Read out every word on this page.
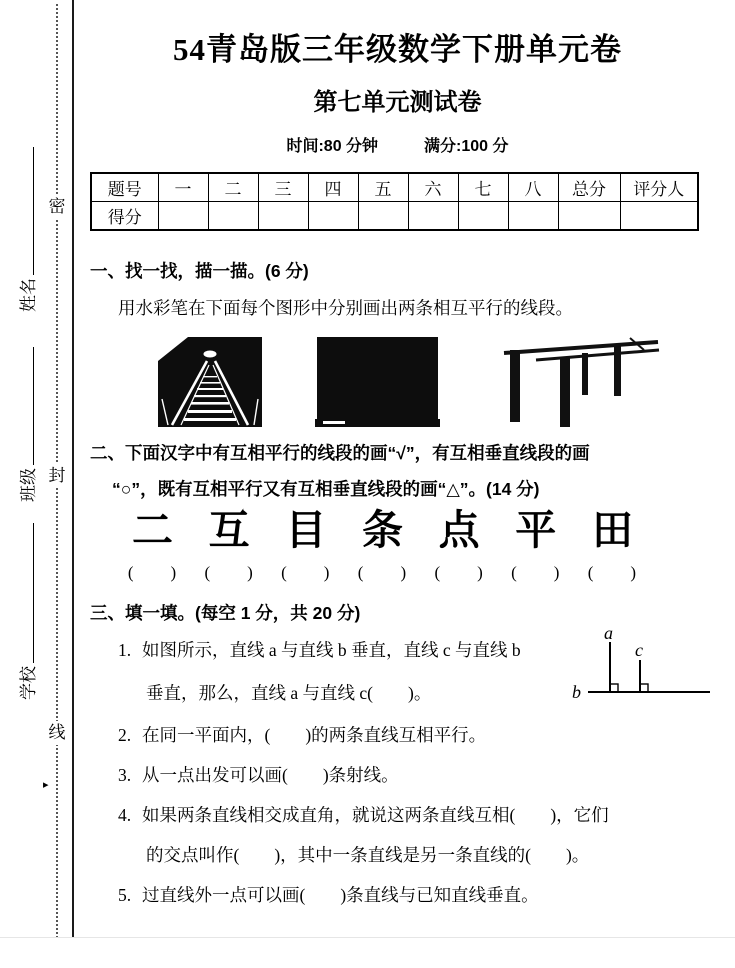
密
封
线
▸
学校
班级
姓名
54青岛版三年级数学下册单元卷
第七单元测试卷
时间:80 分钟	满分:100 分
题号	一	二	三	四	五	六	七	八	总分	评分人
得分										
一、找一找，描一描。(6 分)
用水彩笔在下面每个图形中分别画出两条相互平行的线段。
二、下面汉字中有互相平行的线段的画“√”，有互相垂直线段的画
“○”，既有互相平行又有互相垂直线段的画“△”。(14 分)
二
(　　)
互
(　　)
目
(　　)
条
(　　)
点
(　　)
平
(　　)
田
(　　)
三、填一填。(每空 1 分，共 20 分)
1. 如图所示，直线 a 与直线 b 垂直，直线 c 与直线 b
垂直，那么，直线 a 与直线 c(　　)。
a
b
c
2. 在同一平面内，(　　)的两条直线互相平行。
3. 从一点出发可以画(　　)条射线。
4. 如果两条直线相交成直角，就说这两条直线互相(　　)，它们
的交点叫作(　　)，其中一条直线是另一条直线的(　　)。
5. 过直线外一点可以画(　　)条直线与已知直线垂直。
